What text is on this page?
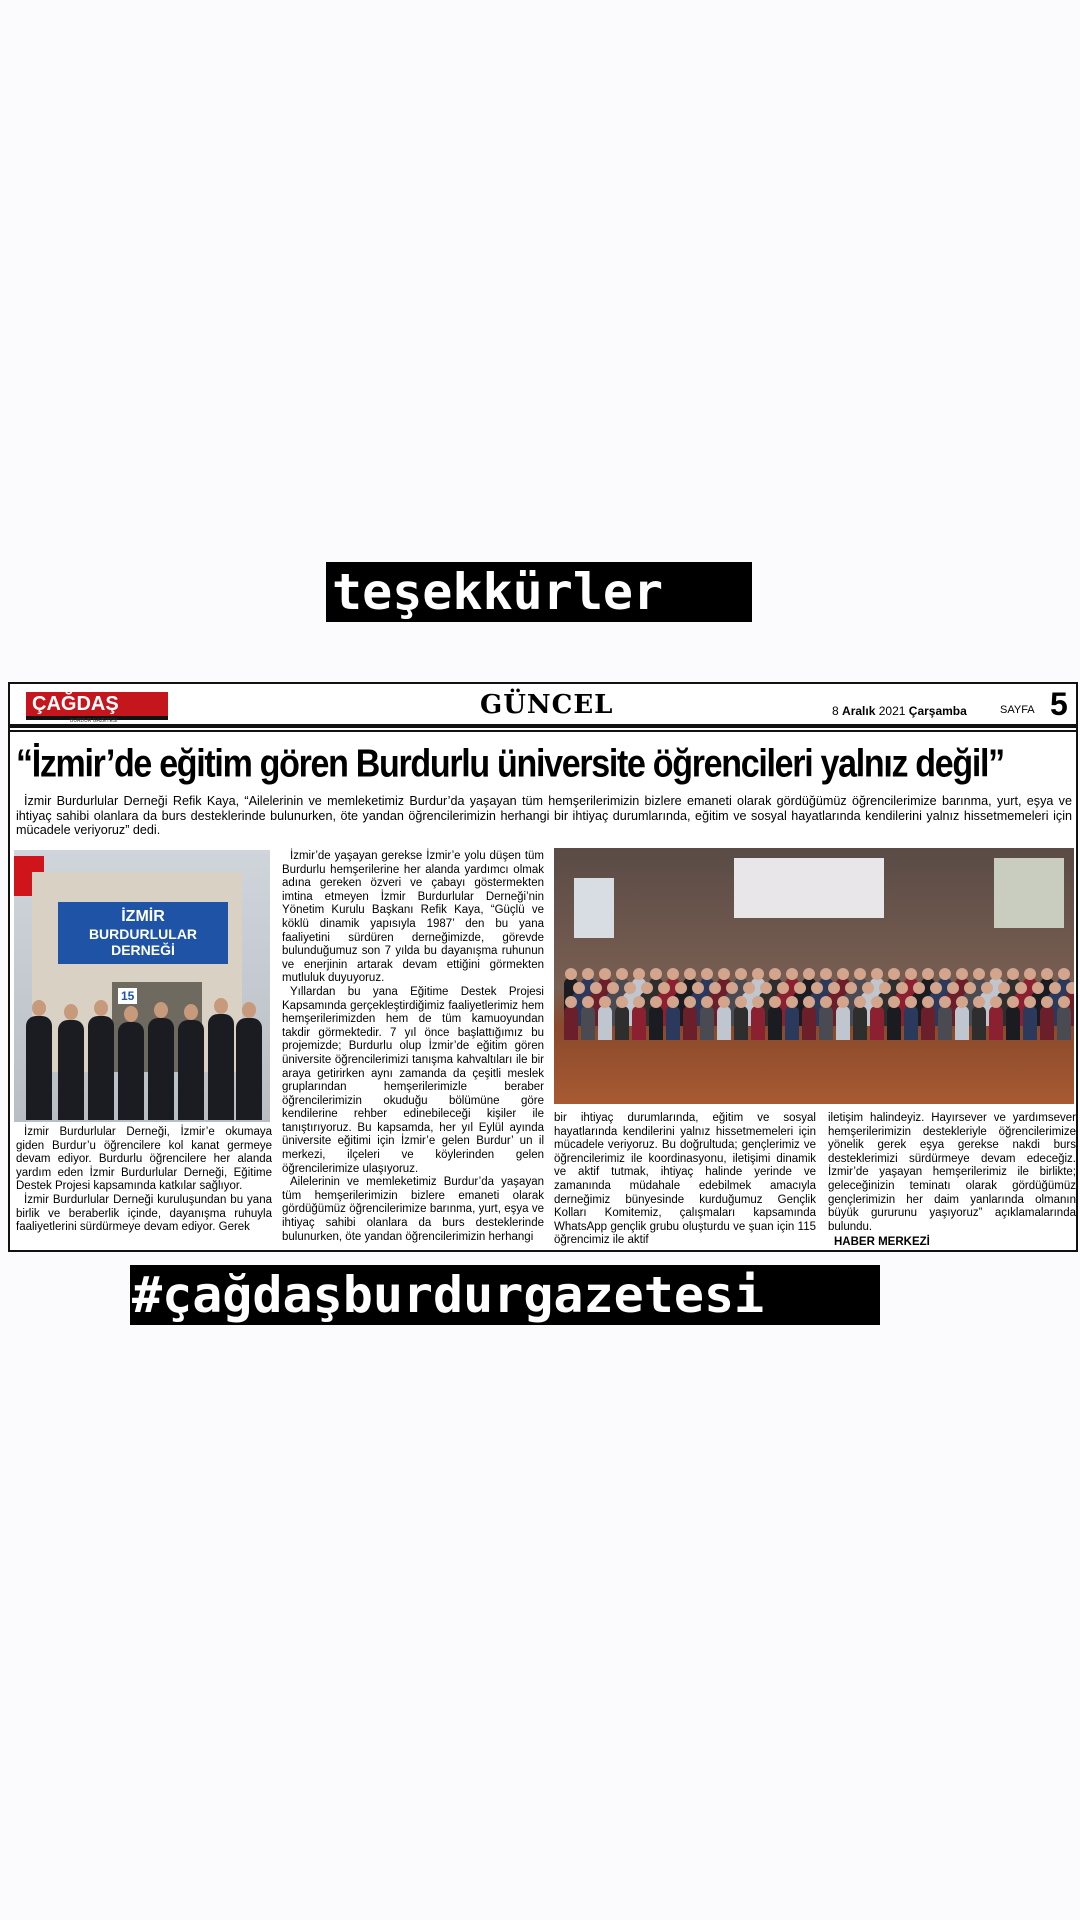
teşekkürler
ÇAĞDAŞ
BURDUR GAZETESİ
GÜNCEL	8 Aralık 2021 Çarşamba	SAYFA 5
“İzmir’de eğitim gören Burdurlu üniversite öğrencileri yalnız değil”

İzmir Burdurlular Derneği Refik Kaya, “Ailelerinin ve memleketimiz Burdur’da yaşayan tüm hemşerilerimizin bizlere emaneti olarak gördüğümüz öğrencilerimize barınma, yurt, eşya ve ihtiyaç sahibi olanlara da burs desteklerinde bulunurken, öte yandan öğrencilerimizin herhangi bir ihtiyaç durumlarında, eğitim ve sosyal hayatlarında kendilerini yalnız hissetmemeleri için mücadele veriyoruz” dedi.

İZMİR
BURDURLULAR DERNEĞİ
15

İzmir Burdurlular Derneği, İzmir’e okumaya giden Burdur’u öğrencilere kol kanat germeye devam ediyor. Burdurlu öğrencilere her alanda yardım eden İzmir Burdurlular Derneği, Eğitime Destek Projesi kapsamında katkılar sağlıyor.

İzmir Burdurlular Derneği kuruluşundan bu yana birlik ve beraberlik içinde, dayanışma ruhuyla faaliyetlerini sürdürmeye devam ediyor. Gerek

İzmir’de yaşayan gerekse İzmir’e yolu düşen tüm Burdurlu hemşerilerine her alanda yardımcı olmak adına gereken özveri ve çabayı göstermekten imtina etmeyen İzmir Burdurlular Derneği’nin Yönetim Kurulu Başkanı Refik Kaya, “Güçlü ve köklü dinamik yapısıyla 1987’ den bu yana faaliyetini sürdüren derneğimizde, görevde bulunduğumuz son 7 yılda bu dayanışma ruhunun ve enerjinin artarak devam ettiğini görmekten mutluluk duyuyoruz.

Yıllardan bu yana Eğitime Destek Projesi Kapsamında gerçekleştirdiğimiz faaliyetlerimiz hem hemşerilerimizden hem de tüm kamuoyundan takdir görmektedir. 7 yıl önce başlattığımız bu projemizde; Burdurlu olup İzmir’de eğitim gören üniversite öğrencilerimizi tanışma kahvaltıları ile bir araya getirirken aynı zamanda da çeşitli meslek gruplarından hemşerilerimizle beraber öğrencilerimizin okuduğu bölümüne göre kendilerine rehber edinebileceği kişiler ile tanıştırıyoruz. Bu kapsamda, her yıl Eylül ayında üniversite eğitimi için İzmir’e gelen Burdur’ un il merkezi, ilçeleri ve köylerinden gelen öğrencilerimize ulaşıyoruz.

Ailelerinin ve memleketimiz Burdur’da yaşayan tüm hemşerilerimizin bizlere emaneti olarak gördüğümüz öğrencilerimize barınma, yurt, eşya ve ihtiyaç sahibi olanlara da burs desteklerinde bulunurken, öte yandan öğrencilerimizin herhangi

bir ihtiyaç durumlarında, eğitim ve sosyal hayatlarında kendilerini yalnız hissetmemeleri için mücadele veriyoruz. Bu doğrultuda; gençlerimiz ve öğrencilerimiz ile koordinasyonu, iletişimi dinamik ve aktif tutmak, ihtiyaç halinde yerinde ve zamanında müdahale edebilmek amacıyla derneğimiz bünyesinde kurduğumuz Gençlik Kolları Komitemiz, çalışmaları kapsamında WhatsApp gençlik grubu oluşturdu ve şuan için 115 öğrencimiz ile aktif

iletişim halindeyiz. Hayırsever ve yardımsever hemşerilerimizin destekleriyle öğrencilerimize yönelik gerek eşya gerekse nakdi burs desteklerimizi sürdürmeye devam edeceğiz. İzmir’de yaşayan hemşerilerimiz ile birlikte; geleceğinizin teminatı olarak gördüğümüz gençlerimizin her daim yanlarında olmanın büyük gururunu yaşıyoruz” açıklamalarında bulundu.

HABER MERKEZİ
#çağdaşburdurgazetesi
